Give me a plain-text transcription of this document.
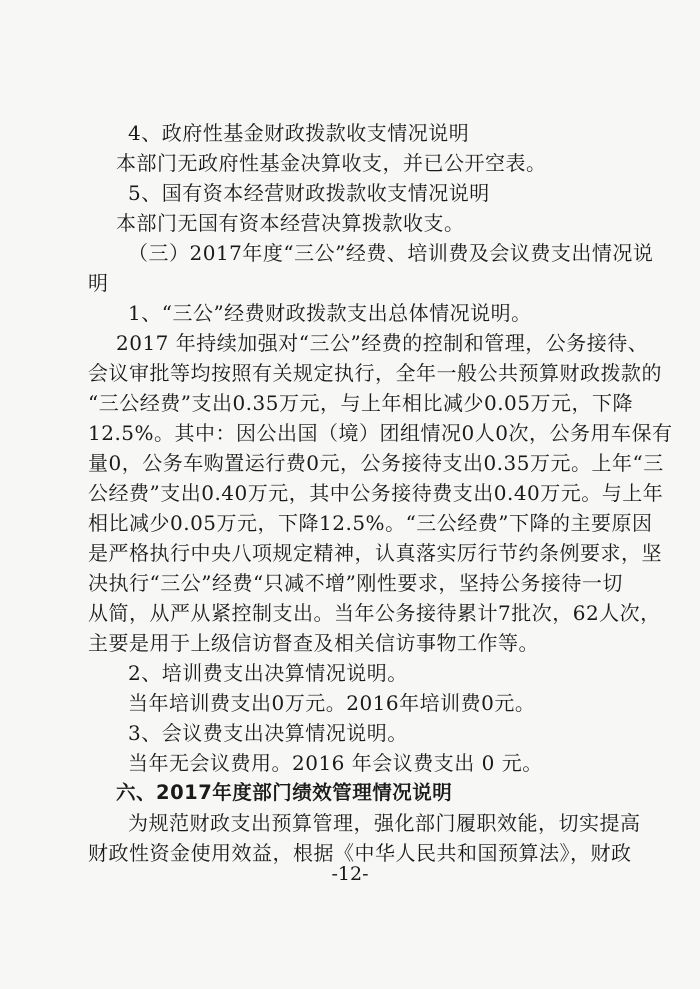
4、政府性基金财政拨款收支情况说明
本部门无政府性基金决算收支，并已公开空表。
5、国有资本经营财政拨款收支情况说明
本部门无国有资本经营决算拨款收支。
（三）2017年度“三公”经费、培训费及会议费支出情况说
明
1、“三公”经费财政拨款支出总体情况说明。
2017 年持续加强对“三公”经费的控制和管理，公务接待、
会议审批等均按照有关规定执行，全年一般公共预算财政拨款的
“三公经费”支出0.35万元，与上年相比减少0.05万元，下降
12.5%。其中：因公出国（境）团组情况0人0次，公务用车保有
量0，公务车购置运行费0元，公务接待支出0.35万元。上年“三
公经费”支出0.40万元，其中公务接待费支出0.40万元。与上年
相比减少0.05万元，下降12.5%。“三公经费”下降的主要原因
是严格执行中央八项规定精神，认真落实厉行节约条例要求，坚
决执行“三公”经费“只减不增”刚性要求，坚持公务接待一切
从简，从严从紧控制支出。当年公务接待累计7批次，62人次，
主要是用于上级信访督查及相关信访事物工作等。
2、培训费支出决算情况说明。
当年培训费支出0万元。2016年培训费0元。
3、会议费支出决算情况说明。
当年无会议费用。2016 年会议费支出 0 元。
六、2017年度部门绩效管理情况说明
为规范财政支出预算管理，强化部门履职效能，切实提高
财政性资金使用效益，根据《中华人民共和国预算法》，财政
-12-
